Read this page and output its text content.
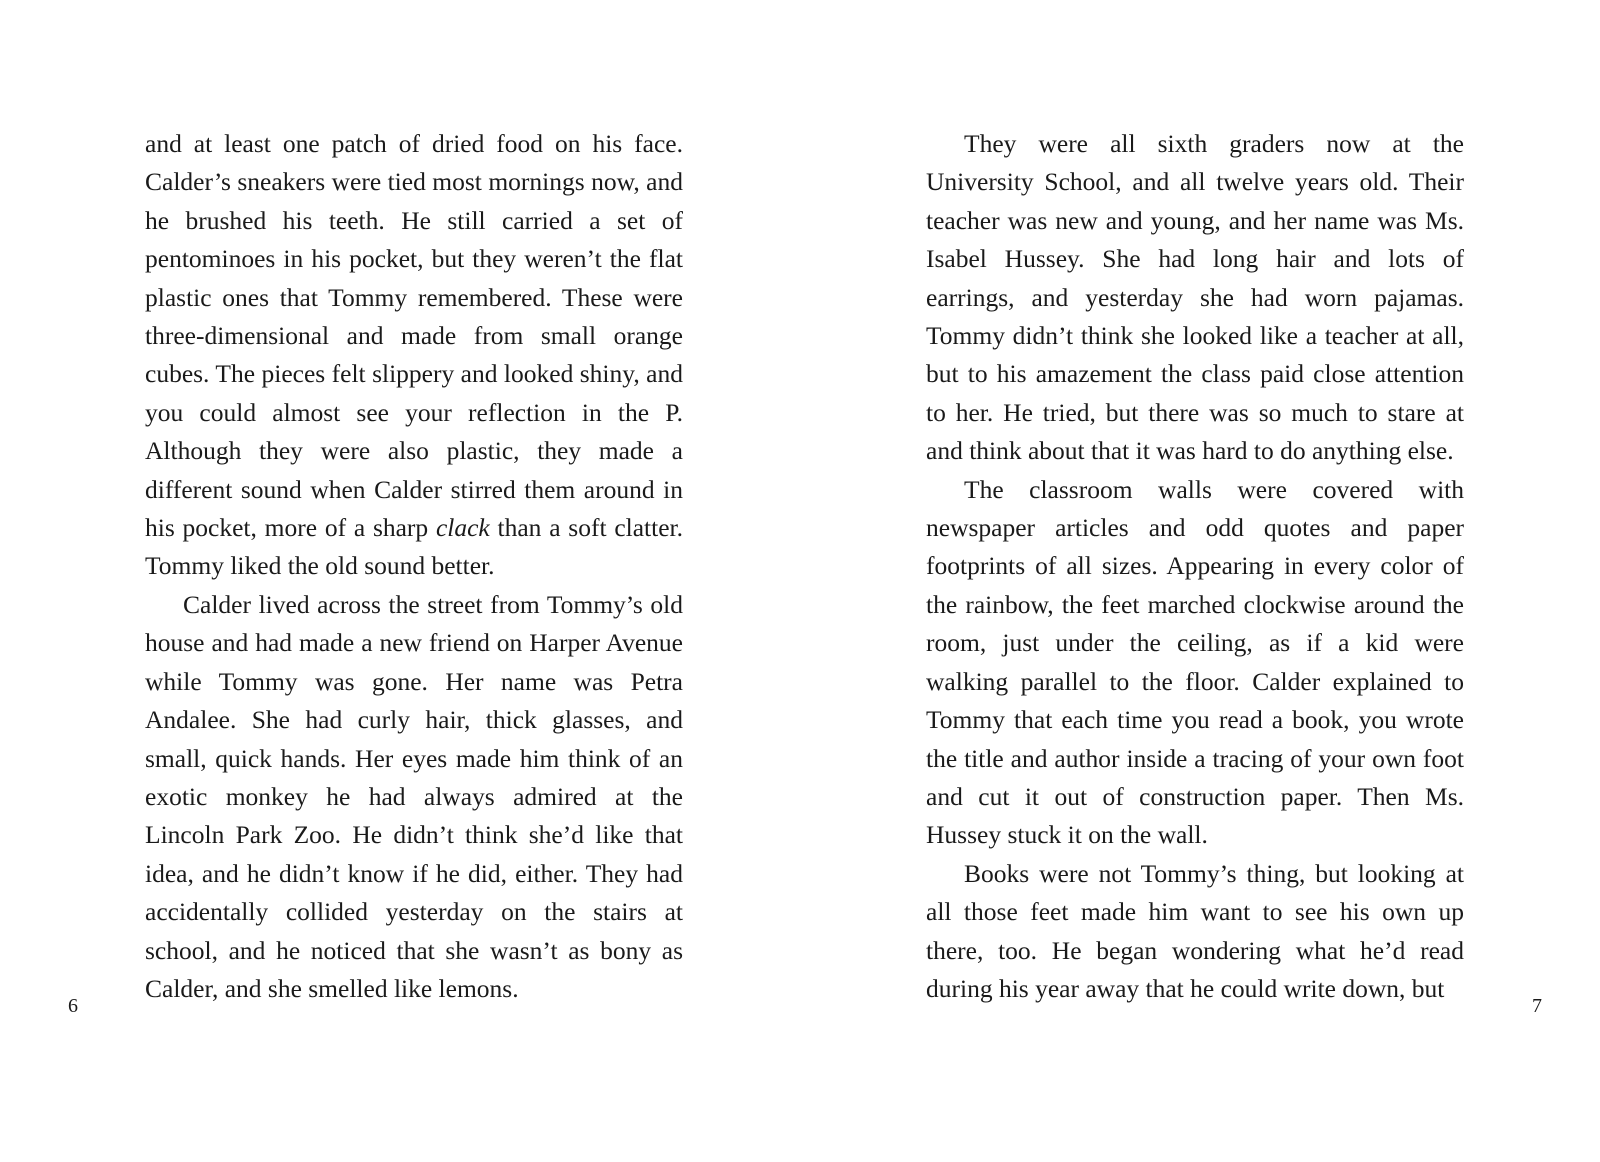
and at least one patch of dried food on his face. Calder’s sneakers were tied most mornings now, and he brushed his teeth. He still carried a set of pentominoes in his pocket, but they weren’t the flat plastic ones that Tommy remembered. These were three-dimensional and made from small orange cubes. The pieces felt slippery and looked shiny, and you could almost see your reflection in the P. Although they were also plastic, they made a different sound when Calder stirred them around in his pocket, more of a sharp clack than a soft clatter. Tommy liked the old sound better.

Calder lived across the street from Tommy’s old house and had made a new friend on Harper Avenue while Tommy was gone. Her name was Petra Andalee. She had curly hair, thick glasses, and small, quick hands. Her eyes made him think of an exotic monkey he had always admired at the Lincoln Park Zoo. He didn’t think she’d like that idea, and he didn’t know if he did, either. They had accidentally collided yesterday on the stairs at school, and he noticed that she wasn’t as bony as Calder, and she smelled like lemons.

6

They were all sixth graders now at the University School, and all twelve years old. Their teacher was new and young, and her name was Ms. Isabel Hussey. She had long hair and lots of earrings, and yesterday she had worn pajamas. Tommy didn’t think she looked like a teacher at all, but to his amazement the class paid close attention to her. He tried, but there was so much to stare at and think about that it was hard to do anything else.

The classroom walls were covered with newspaper articles and odd quotes and paper footprints of all sizes. Appearing in every color of the rainbow, the feet marched clockwise around the room, just under the ceiling, as if a kid were walking parallel to the floor. Calder explained to Tommy that each time you read a book, you wrote the title and author inside a tracing of your own foot and cut it out of construction paper. Then Ms. Hussey stuck it on the wall.

Books were not Tommy’s thing, but looking at all those feet made him want to see his own up there, too. He began wondering what he’d read during his year away that he could write down, but

7
